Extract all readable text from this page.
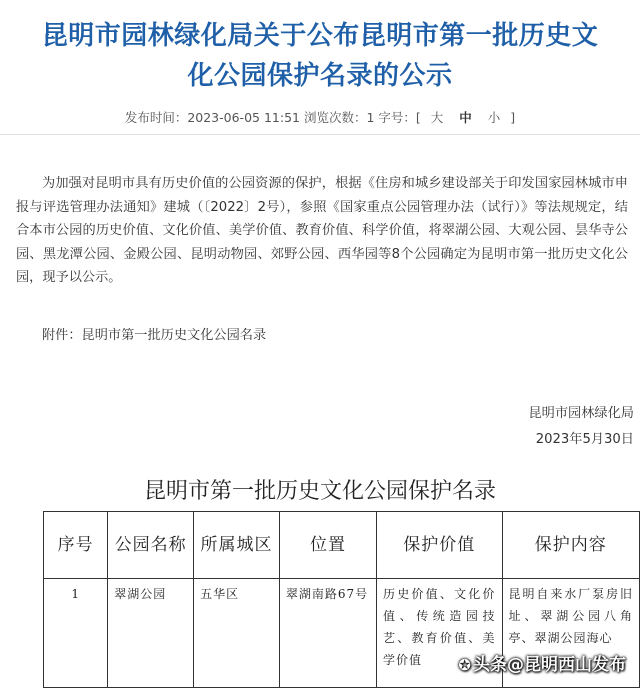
昆明市园林绿化局关于公布昆明市第一批历史文
化公园保护名录的公示
发布时间：2023-06-05 11:51 浏览次数：1 字号：[ 大 中 小 ]
为加强对昆明市具有历史价值的公园资源的保护，根据《住房和城乡建设部关于印发国家园林城市申报与评选管理办法通知》建城（〔2022〕2号），参照《国家重点公园管理办法（试行）》等法规规定，结合本市公园的历史价值、文化价值、美学价值、教育价值、科学价值，将翠湖公园、大观公园、昙华寺公园、黑龙潭公园、金殿公园、昆明动物园、郊野公园、西华园等8个公园确定为昆明市第一批历史文化公园，现予以公示。
附件：昆明市第一批历史文化公园名录
昆明市园林绿化局
2023年5月30日
昆明市第一批历史文化公园保护名录
序号	公园名称	所属城区	位置	保护价值	保护内容
1	翠湖公园	五华区	翠湖南路67号	历史价值、文化价值、传统造园技艺、教育价值、美学价值	昆明自来水厂泵房旧址、翠湖公园八角亭、翠湖公园海心
✪ 头条@昆明西山发布
